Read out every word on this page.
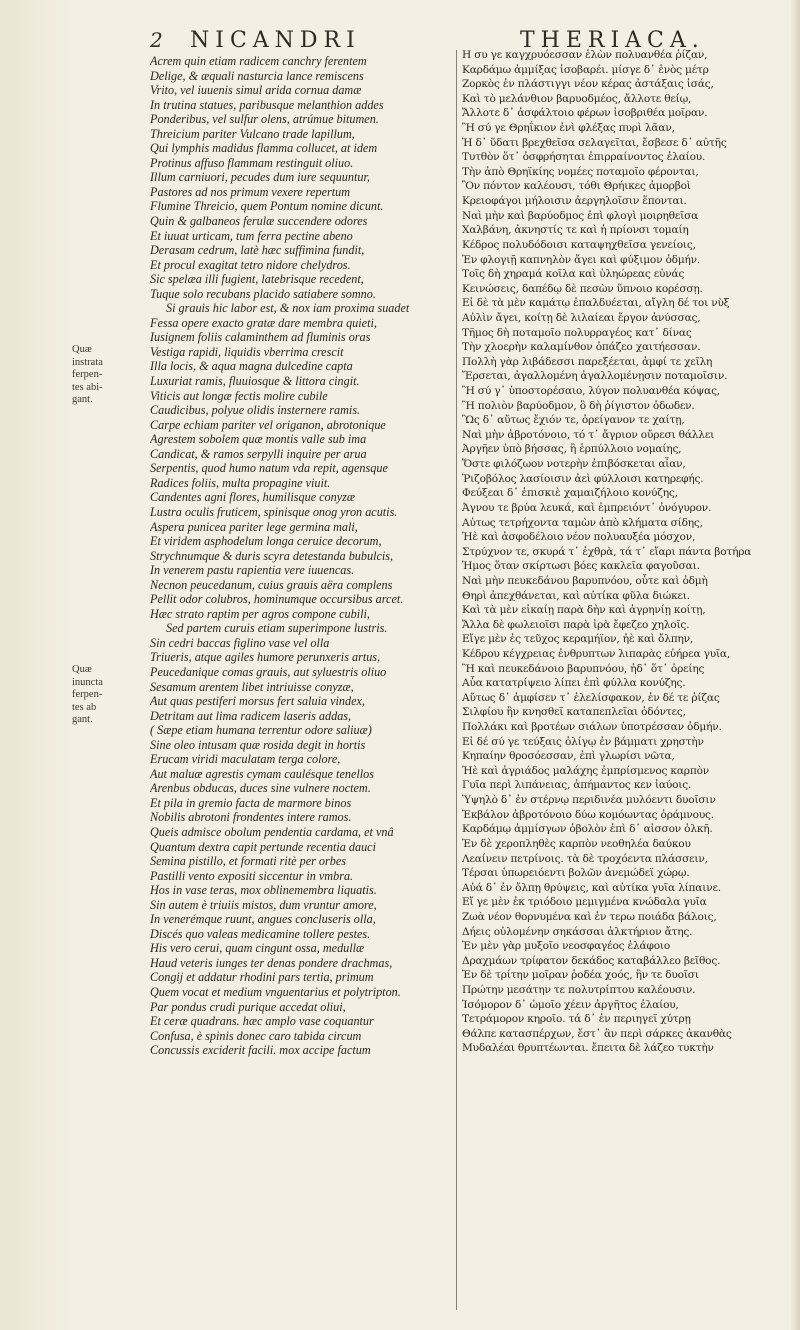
2 NICANDRI	THERIACA.
Quæ
instrata
ferpen-
tes abi-
gant.
Quæ
inuncta
ferpen-
tes ab
gant.
Acrem quin etiam radicem canchry ferentem
Delige, & æquali nasturcia lance remiscens
Vrito, vel iuuenis simul arida cornua damæ
In trutina statues, paribusque melanthion addes
Ponderibus, vel sulfur olens, atrúmue bitumen.
Threicium pariter Vulcano trade lapillum,
Qui lymphis madidus flamma collucet, at idem
Protinus affuso flammam restinguit oliuo.
Illum carniuori, pecudes dum iure sequuntur,
Pastores ad nos primum vexere repertum
Flumine Threicio, quem Pontum nomine dicunt.
Quin & galbaneos ferulæ succendere odores
Et iuuat urticam, tum ferra pectine abeno
Derasam cedrum, latè hæc suffimina fundit,
Et procul exagitat tetro nidore chelydros.
Sic spelæa illi fugient, latebrisque recedent,
Tuque solo recubans placido satiabere somno.
Si grauis hic labor est, & nox iam proxima suadet
Fessa opere exacto gratæ dare membra quieti,
Iusignem foliis calaminthem ad fluminis oras
Vestiga rapidi, liquidis vberrima crescit
Illa locis, & aqua magna dulcedine capta
Luxuriat ramis, fluuiosque & littora cingit.
Viticis aut longæ fectis molire cubile
Caudicibus, polyue olidis insternere ramis.
Carpe echiam pariter vel origanon, abrotonique
Agrestem sobolem quæ montis valle sub ima
Candicat, & ramos serpylli inquire per arua
Serpentis, quod humo natum vda repit, agensque
Radices foliis, multa propagine viuit.
Candentes agni flores, humilisque conyzæ
Lustra oculis fruticem, spinisque onog yron acutis.
Aspera punicea pariter lege germina mali,
Et viridem asphodelum longa ceruice decorum,
Strychnumque & duris scyra detestanda bubulcis,
In venerem pastu rapientia vere iuuencas.
Necnon peucedanum, cuius grauis aëra complens
Pellit odor colubros, hominumque occursibus arcet.
Hæc strato raptim per agros compone cubili,
Sed partem curuis etiam superimpone lustris.
Sin cedri baccas figlino vase vel olla
Triueris, atque agiles humore perunxeris artus,
Peucedanique comas grauis, aut syluestris oliuo
Sesamum arentem libet intriuisse conyzæ,
Aut quas pestiferi morsus fert saluia vindex,
Detritam aut lima radicem laseris addas,
( Sæpe etiam humana terrentur odore saliuæ)
Sine oleo intusam quæ rosida degit in hortis
Erucam viridi maculatam terga colore,
Aut maluæ agrestis cymam caulésque tenellos
Arenbus obducas, duces sine vulnere noctem.
Et pila in gremio facta de marmore binos
Nobilis abrotoni frondentes intere ramos.
Queis admisce obolum pendentia cardama, et vnâ
Quantum dextra capit pertunde recentia dauci
Semina pistillo, et formati ritè per orbes
Pastilli vento expositi siccentur in vmbra.
Hos in vase teras, mox oblinemembra liquatis.
Sin autem è triuiis mistos, dum vruntur amore,
In venerémque ruunt, angues concluseris olla,
Discés quo valeas medicamine tollere pestes.
His vero cerui, quam cingunt ossa, medullæ
Haud veteris iunges ter denas pondere drachmas,
Congij et addatur rhodini pars tertia, primum
Quem vocat et medium vnguentarius et polytripton.
Par pondus crudi purique accedat oliui,
Et ceræ quadrans. hæc amplo vase coquantur
Confusa, è spinis donec caro tabida circum
Concussis exciderit facili. mox accipe factum
Η συ γε καγχρυόεσσαν ἑλὼν πολυανθέα ῥίζαν,
Καρδάμω ἀμμίξας ἰσοβαρέι. μίσγε δ᾽ ἑνὸς μέτρ
Ζορκὸς ἐν πλάστιγγι νέον κέρας ἀστάξαις ἰσάς,
Καὶ τὸ μελάνθιον βαρυοδμέος, ἄλλοτε θείῳ,
Ἄλλοτε δ᾽ ἀσφάλτοιο φέρων ἰσοβριθέα μοῖραν.
Ἢ σύ γε Θρηΐκιον ἐνὶ φλέξας πυρὶ λᾶαν,
Ἡ δ᾽ ὕδατι βρεχθεῖσα σελαγεῖται, ἔσβεσε δ᾽ αὐτῆς
Τυτθὸν ὅτ᾽ ὀσφρήσηται ἐπιρραίνοντος ἐλαίου.
Τὴν ἀπὸ Θρηϊκίης νομέες ποταμοῖο φέρονται,
Ὃν πόντον καλέουσι, τόθι Θρήικες ἀμορβοὶ
Κρειοφάγοι μήλοισιν ἀεργηλοῖσιν ἕπονται.
Ναὶ μὴν καὶ βαρύοδμος ἐπὶ φλογὶ μοιρηθεῖσα
Χαλβάνη, ἀκνηστίς τε καὶ ἡ πρίονσι τομαίη
Κέδρος πολυδόδοισι καταψηχθεῖσα γενείοις,
Ἐν φλογιῇ καπνηλὸν ἄγει καὶ φύξιμον ὀδμήν.
Τοῖς δὴ χηραμά κοῖλα καὶ ὑληώρεας εὐνάς
Κεινώσεις, δαπέδῳ δὲ πεσὼν ὕπνοιο κορέσσῃ.
Εἰ δὲ τὰ μὲν καμάτῳ ἐπαλδυέεται, αἴγλη δέ τοι νὺξ
Αὐλὶν ἄγει, κοίτῃ δὲ λιλαίεαι ἔργον ἀνύσσας,
Τῆμος δὴ ποταμοῖο πολυρραγέος κατ᾽ δίνας
Τὴν χλοερὴν καλαμίνθον ὀπάζεο χαιτήεσσαν.
Πολλὴ γὰρ λιβάδεσσι παρεξέεται, ἀμφί τε χεῖλη
Ἔρσεται, ἀγαλλομένη ἀγαλλομένῃσιν ποταμοῖσιν.
Ἢ σύ γ᾽ ὑποστορέσαιο, λύγον πολυανθέα κόψας,
Ἢ πολιὸν βαρύοδμον, ὃ δὴ ῥίγιστον ὀδωδεν.
Ὣς δ᾽ αὔτως ἔχιόν τε, ὀρείγανον τε χαίτῃ,
Ναὶ μὴν ἀβροτόνοιο, τό τ᾽ ἄγριον οὔρεσι θάλλει
Ἀργῆεν ὑπὸ βήσσας, ἢ ἑρπύλλοιο νομαίης,
Ὅστε φιλόζωον νοτερὴν ἐπιβόσκεται αἶαν,
Ῥιζοβόλος λασίοισιν ἀεὶ φύλλοισι κατηρεφής.
Φεύξεαι δ᾽ ἐπισκιὲ χαμαιζήλοιο κονύζης,
Ἀγνου τε βρύα λευκά, καὶ ἐμπρειόντ᾽ ὀνόγυρον.
Αὐτως τετρήχοντα ταμὼν ἀπὸ κλήματα σίδης,
Ἠὲ καὶ ἀσφοδέλοιο νέον πολυαυξέα μόσχον,
Στρύχνον τε, σκυρά τ᾽ ἐχθρὰ, τά τ᾽ εἴαρι πάντα βοτήρα
Ἡμος ὅταν σκίρτωσι βόες κακλεῖα φαγοῦσαι.
Ναὶ μὴν πευκεδάνου βαρυπνόου, οὗτε καὶ ὀδμὴ
Θηρὶ ἀπεχθάνεται, καὶ αὐτίκα φῦλα διώκει.
Καὶ τὰ μὲν εἰκαίῃ παρὰ δὴν καὶ ἀγρηνίῃ κοίτῃ,
Ἄλλα δὲ φωλειοῖσι παρὰ ἰρὰ ἔφεζεο χηλοῖς.
Εἴγε μὲν ἐς τεῦχος κεραμήϊον, ἠὲ καὶ ὄλπην,
Κέδρου κέγχρειας ἐνθρυπτων λιπαρὰς εὐήρεα γυῖα,
Ἢ καὶ πευκεδάνοιο βαρυπνόου, ἠδ᾽ ὅτ᾽ ὀρείης
Αὖα κατατρίψειο λίπει ἐπὶ φύλλα κονύζης.
Αὔτως δ᾽ ἀμφίσεν τ᾽ ἐλελίσφακον, ἐν δέ τε ῥίζας
Σιλφίου ἢν κνησθεῖ καταπεπλεῖαι ὀδόντες,
Πολλάκι καὶ βροτέων σιάλων ὑποτρέσσαν ὀδμήν.
Εἰ δέ σύ γε τεύξαις ὀλίγῳ ἐν βάμματι χρηστὴν
Κηπαίην θροσόεσσαν, ἐπὶ γλωρίσι νῶτα,
Ἠὲ καὶ ἀγριάδος μαλάχης ἐμπρίσμενος καρπὸν
Γυῖα περὶ λιπάνειας, ἀπήμαντος κεν ἰαύοις.
Ὑψηλὸ δ᾽ ἐν στέρνῳ περιδινέα μυλόεντι δυοῖσιν
Ἐκβάλον ἀβροτόνοιο δύω κομόωντας ὀράμνους.
Καρδάμῳ ἀμμίσγων ὀβολὸν ἐπὶ δ᾽ αἰσσον ὁλκῆ.
Ἐν δὲ χεροπληθὲς καρπὸν νεοθηλέα δαύκου
Λεαίνειν πετρίνοις. τὰ δὲ τροχόεντα πλάσσειν,
Τέρσαι ὑπωρειόεντι βολῶν ἀνεμώδεϊ χώρῳ.
Αὐά δ᾽ ἐν ὄλπῃ θρύψεις, καὶ αὐτίκα γυῖα λίπαινε.
Εἴ γε μὲν ἐκ τριόδοιο μεμιγμένα κνώδαλα γυῖα
Ζωὰ νέον θορνυμένα καὶ ἐν τερω ποιάδα βάλοις,
Δήεις οὐλομένην σηκάσσαι ἀλκτήριον ἄτης.
Ἐν μὲν γὰρ μυξοῖο νεοσφαγέος ἐλάφοιο
Δραχμάων τρίφατον δεκάδος καταβάλλεο βεῖθος.
Ἐν δὲ τρίτην μοῖραν ῥοδέα χοός, ἣν τε δυοῖσι
Πρώτην μεσάτην τε πολυτρίπτου καλέουσιν.
Ἰσόμορον δ᾽ ὠμοῖο χέειν ἀργῆτος ἐλαίου,
Τετράμορον κηροῖο. τά δ᾽ ἐν περιηγεῖ χύτρῃ
Θάλπε κατασπέρχων, ἔστ᾽ ἂν περὶ σάρκες ἀκανθὰς
Μυδαλέαι θρυπτέωνται. ἔπειτα δὲ λάζεο τυκτὴν
